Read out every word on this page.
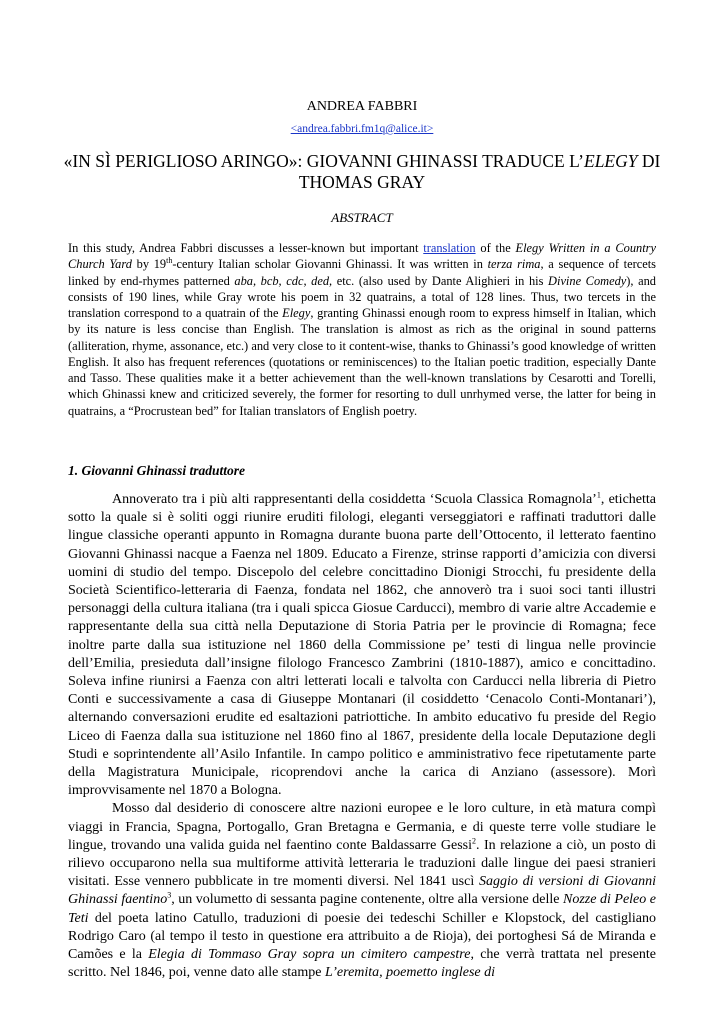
ANDREA FABBRI
<andrea.fabbri.fm1q@alice.it>
«IN SÌ PERIGLIOSO ARINGO»: GIOVANNI GHINASSI TRADUCE L’ELEGY DI THOMAS GRAY
ABSTRACT
In this study, Andrea Fabbri discusses a lesser-known but important translation of the Elegy Written in a Country Church Yard by 19th-century Italian scholar Giovanni Ghinassi. It was written in terza rima, a sequence of tercets linked by end-rhymes patterned aba, bcb, cdc, ded, etc. (also used by Dante Alighieri in his Divine Comedy), and consists of 190 lines, while Gray wrote his poem in 32 quatrains, a total of 128 lines. Thus, two tercets in the translation correspond to a quatrain of the Elegy, granting Ghinassi enough room to express himself in Italian, which by its nature is less concise than English. The translation is almost as rich as the original in sound patterns (alliteration, rhyme, assonance, etc.) and very close to it content-wise, thanks to Ghinassi’s good knowledge of written English. It also has frequent references (quotations or reminiscences) to the Italian poetic tradition, especially Dante and Tasso. These qualities make it a better achievement than the well-known translations by Cesarotti and Torelli, which Ghinassi knew and criticized severely, the former for resorting to dull unrhymed verse, the latter for being in quatrains, a “Procrustean bed” for Italian translators of English poetry.
1. Giovanni Ghinassi traduttore

Annoverato tra i più alti rappresentanti della cosiddetta ‘Scuola Classica Romagnola’$^1$, etichetta sotto la quale si è soliti oggi riunire eruditi filologi, eleganti verseggiatori e raffinati traduttori dalle lingue classiche operanti appunto in Romagna durante buona parte dell’Ottocento, il letterato faentino Giovanni Ghinassi nacque a Faenza nel 1809. Educato a Firenze, strinse rapporti d’amicizia con diversi uomini di studio del tempo. Discepolo del celebre concittadino Dionigi Strocchi, fu presidente della Società Scientifico-letteraria di Faenza, fondata nel 1862, che annoverò tra i suoi soci tanti illustri personaggi della cultura italiana (tra i quali spicca Giosue Carducci), membro di varie altre Accademie e rappresentante della sua città nella Deputazione di Storia Patria per le provincie di Romagna; fece inoltre parte dalla sua istituzione nel 1860 della Commissione pe’ testi di lingua nelle provincie dell’Emilia, presieduta dall’insigne filologo Francesco Zambrini (1810-1887), amico e concittadino. Soleva infine riunirsi a Faenza con altri letterati locali e talvolta con Carducci nella libreria di Pietro Conti e successivamente a casa di Giuseppe Montanari (il cosiddetto ‘Cenacolo Conti-Montanari’), alternando conversazioni erudite ed esaltazioni patriottiche. In ambito educativo fu preside del Regio Liceo di Faenza dalla sua istituzione nel 1860 fino al 1867, presidente della locale Deputazione degli Studi e soprintendente all’Asilo Infantile. In campo politico e amministrativo fece ripetutamente parte della Magistratura Municipale, ricoprendovi anche la carica di Anziano (assessore). Morì improvvisamente nel 1870 a Bologna.

Mosso dal desiderio di conoscere altre nazioni europee e le loro culture, in età matura compì viaggi in Francia, Spagna, Portogallo, Gran Bretagna e Germania, e di queste terre volle studiare le lingue, trovando una valida guida nel faentino conte Baldassarre Gessi$^2$. In relazione a ciò, un posto di rilievo occuparono nella sua multiforme attività letteraria le traduzioni dalle lingue dei paesi stranieri visitati. Esse vennero pubblicate in tre momenti diversi. Nel 1841 uscì Saggio di versioni di Giovanni Ghinassi faentino$^3$, un volumetto di sessanta pagine contenente, oltre alla versione delle Nozze di Peleo e Teti del poeta latino Catullo, traduzioni di poesie dei tedeschi Schiller e Klopstock, del castigliano Rodrigo Caro (al tempo il testo in questione era attribuito a de Rioja), dei portoghesi Sá de Miranda e Camões e la Elegia di Tommaso Gray sopra un cimitero campestre, che verrà trattata nel presente scritto. Nel 1846, poi, venne dato alle stampe L’eremita, poemetto inglese di
